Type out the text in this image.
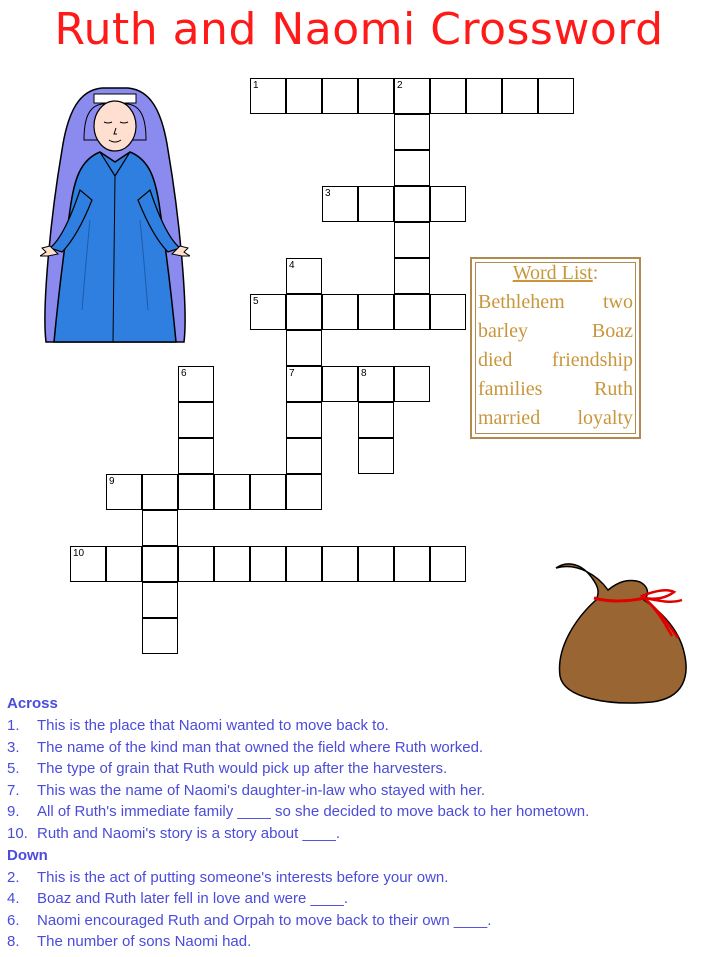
Ruth and Naomi Crossword
1	2
3
4
5
6	7	8
9
10
Word List:
Bethlehem two
barley	Boaz
died friendship
families	Ruth
married loyalty
Across
1. This is the place that Naomi wanted to move back to.
3. The name of the kind man that owned the field where Ruth worked.
5. The type of grain that Ruth would pick up after the harvesters.
7. This was the name of Naomi's daughter-in-law who stayed with her.
9. All of Ruth's immediate family ____ so she decided to move back to her hometown.
10. Ruth and Naomi's story is a story about ____.
Down
2. This is the act of putting someone's interests before your own.
4. Boaz and Ruth later fell in love and were ____.
6. Naomi encouraged Ruth and Orpah to move back to their own ____.
8. The number of sons Naomi had.
